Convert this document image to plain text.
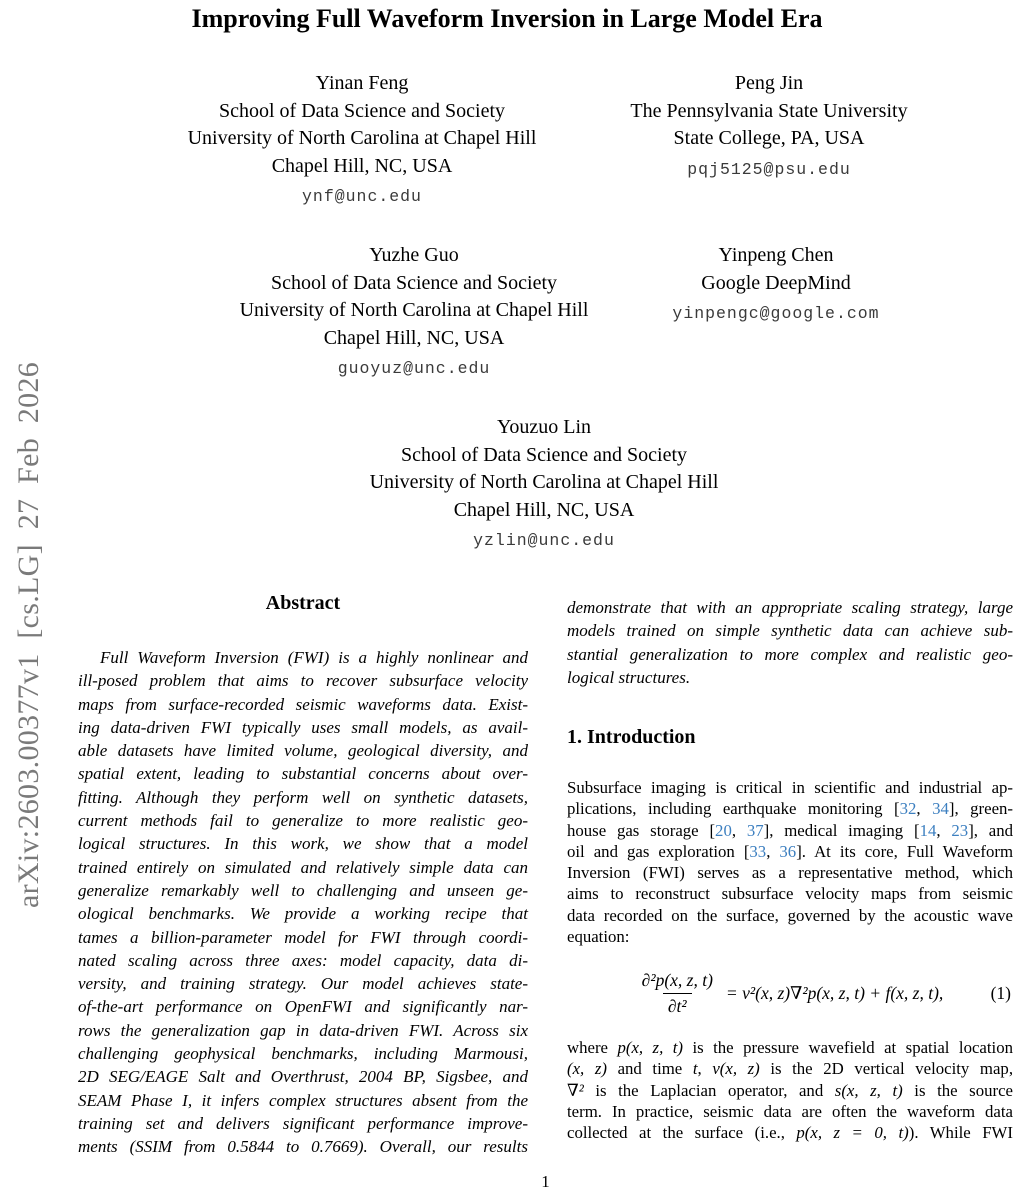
arXiv:2603.00377v1 [cs.LG] 27 Feb 2026
Improving Full Waveform Inversion in Large Model Era
Yinan Feng
School of Data Science and Society
University of North Carolina at Chapel Hill
Chapel Hill, NC, USA
ynf@unc.edu
Peng Jin
The Pennsylvania State University
State College, PA, USA
pqj5125@psu.edu
Yuzhe Guo
School of Data Science and Society
University of North Carolina at Chapel Hill
Chapel Hill, NC, USA
guoyuz@unc.edu
Yinpeng Chen
Google DeepMind
yinpengc@google.com
Youzuo Lin
School of Data Science and Society
University of North Carolina at Chapel Hill
Chapel Hill, NC, USA
yzlin@unc.edu
Abstract
Full Waveform Inversion (FWI) is a highly nonlinear and
ill-posed problem that aims to recover subsurface velocity
maps from surface-recorded seismic waveforms data. Exist-
ing data-driven FWI typically uses small models, as avail-
able datasets have limited volume, geological diversity, and
spatial extent, leading to substantial concerns about over-
fitting. Although they perform well on synthetic datasets,
current methods fail to generalize to more realistic geo-
logical structures. In this work, we show that a model
trained entirely on simulated and relatively simple data can
generalize remarkably well to challenging and unseen ge-
ological benchmarks. We provide a working recipe that
tames a billion-parameter model for FWI through coordi-
nated scaling across three axes: model capacity, data di-
versity, and training strategy. Our model achieves state-
of-the-art performance on OpenFWI and significantly nar-
rows the generalization gap in data-driven FWI. Across six
challenging geophysical benchmarks, including Marmousi,
2D SEG/EAGE Salt and Overthrust, 2004 BP, Sigsbee, and
SEAM Phase I, it infers complex structures absent from the
training set and delivers significant performance improve-
ments (SSIM from 0.5844 to 0.7669). Overall, our results
demonstrate that with an appropriate scaling strategy, large
models trained on simple synthetic data can achieve sub-
stantial generalization to more complex and realistic geo-
logical structures.
1. Introduction
Subsurface imaging is critical in scientific and industrial ap-
plications, including earthquake monitoring [32, 34], green-
house gas storage [20, 37], medical imaging [14, 23], and
oil and gas exploration [33, 36]. At its core, Full Waveform
Inversion (FWI) serves as a representative method, which
aims to reconstruct subsurface velocity maps from seismic
data recorded on the surface, governed by the acoustic wave
equation:
$\frac{\text{∂²p(x, z, t)}}{\text{∂t²}} = v^2(x$, z)∇²p(x, z, t) + f(x, z, t),	(1)
where p(x, z, t) is the pressure wavefield at spatial location
(x, z) and time t, v(x, z) is the 2D vertical velocity map,
∇² is the Laplacian operator, and s(x, z, t) is the source
term. In practice, seismic data are often the waveform data
collected at the surface (i.e., p(x, z = 0, t)). While FWI
1
